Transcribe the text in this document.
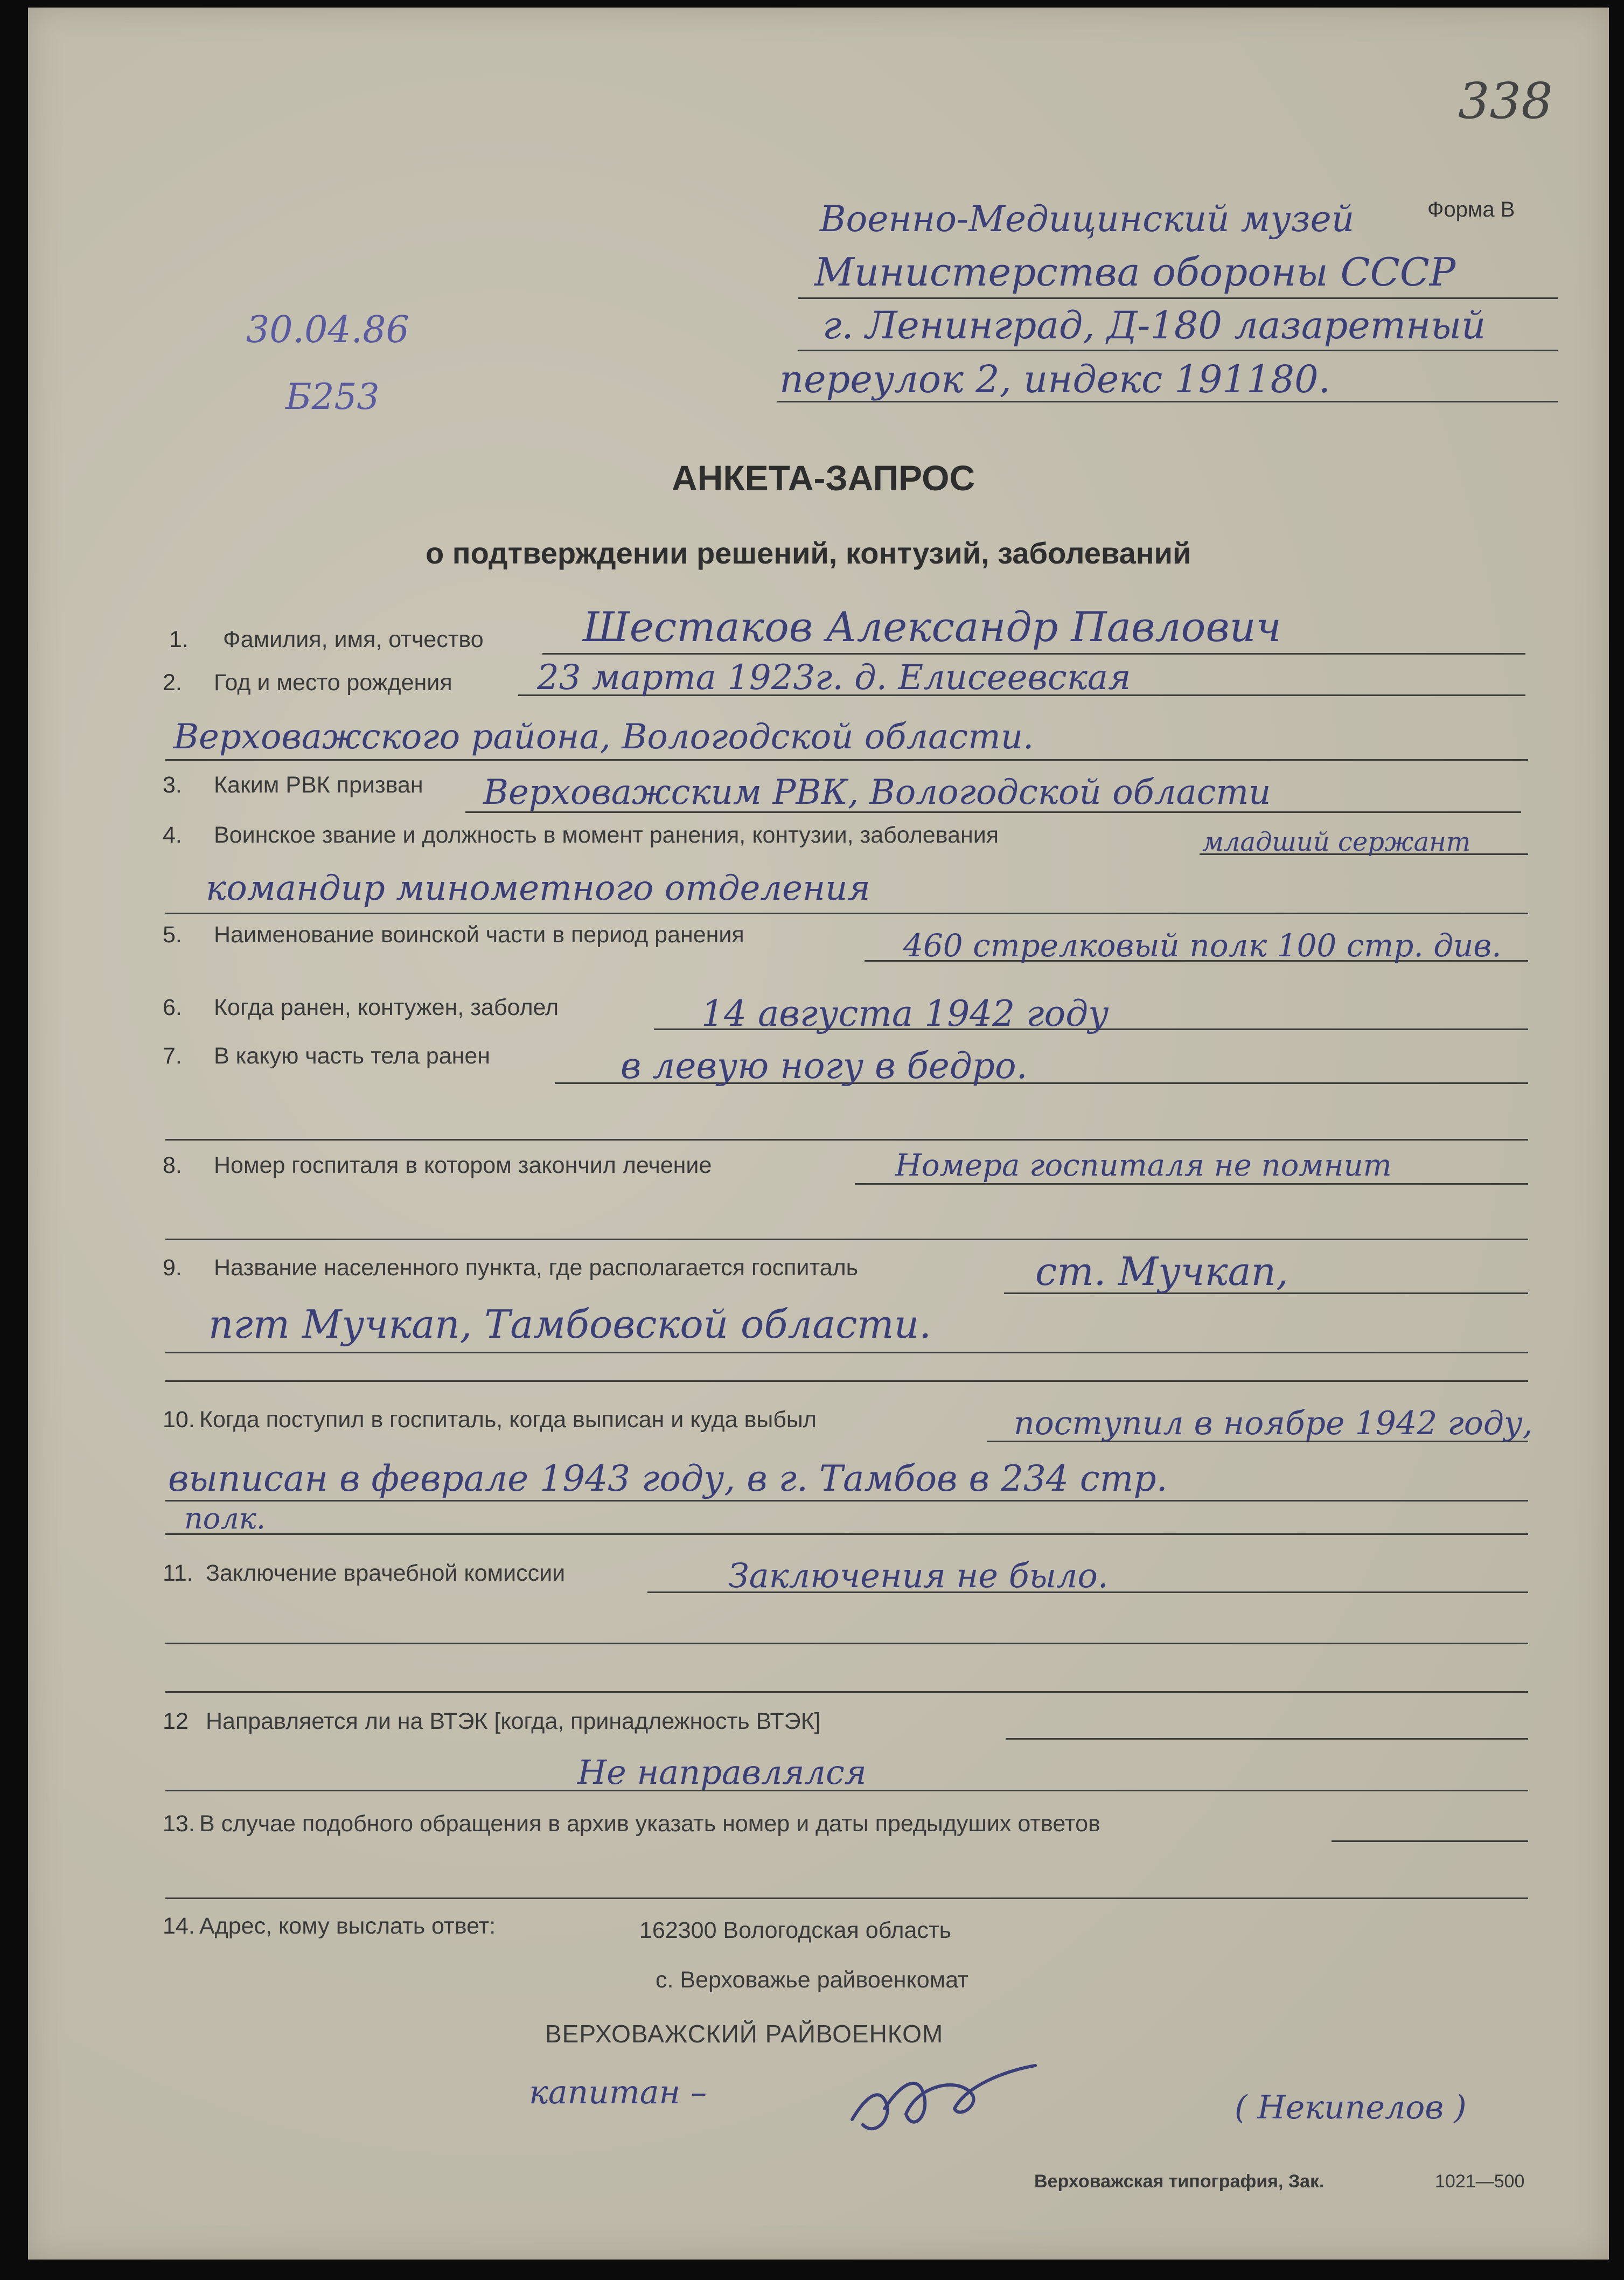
338
Форма В
Военно-Медицинский музей
Министерства обороны СССР
г. Ленинград, Д-180 лазаретный
переулок 2, индекс 191180.
30.04.86
Б253
АНКЕТА-ЗАПРОС
о подтверждении решений, контузий, заболеваний
1. Фамилия, имя, отчество Шестаков Александр Павлович
2. Год и место рождения 23 марта 1923г. д. Елисеевская
Верховажского района, Вологодской области.
3. Каким РВК призван Верховажским РВК, Вологодской области
4. Воинское звание и должность в момент ранения, контузии, заболевания	младший сержант
командир минометного отделения
5. Наименование воинской части в период ранения	460 стрелковый полк 100 стр. див.
6. Когда ранен, контужен, заболел	14 августа 1942 году
7. В какую часть тела ранен	в левую ногу в бедро.
8. Номер госпиталя в котором закончил лечение	Номера госпиталя не помнит
9. Название населенного пункта, где располагается госпиталь	ст. Мучкап,
пгт Мучкап, Тамбовской области.
10. Когда поступил в госпиталь, когда выписан и куда выбыл	поступил в ноябре 1942 году,
выписан в феврале 1943 году, в г. Тамбов в 234 стр.
полк.
11. Заключение врачебной комиссии	Заключения не было.
12 Направляется ли на ВТЭК [когда, принадлежность ВТЭК]
Не направлялся
13. В случае подобного обращения в архив указать номер и даты предыдуших ответов
14. Адрес, кому выслать ответ:	162300 Вологодская область
с. Верховажье райвоенкомат
ВЕРХОВАЖСКИЙ РАЙВОЕНКОМ
капитан –	( Некипелов )
Верховажская типография, Зак.	1021—500
